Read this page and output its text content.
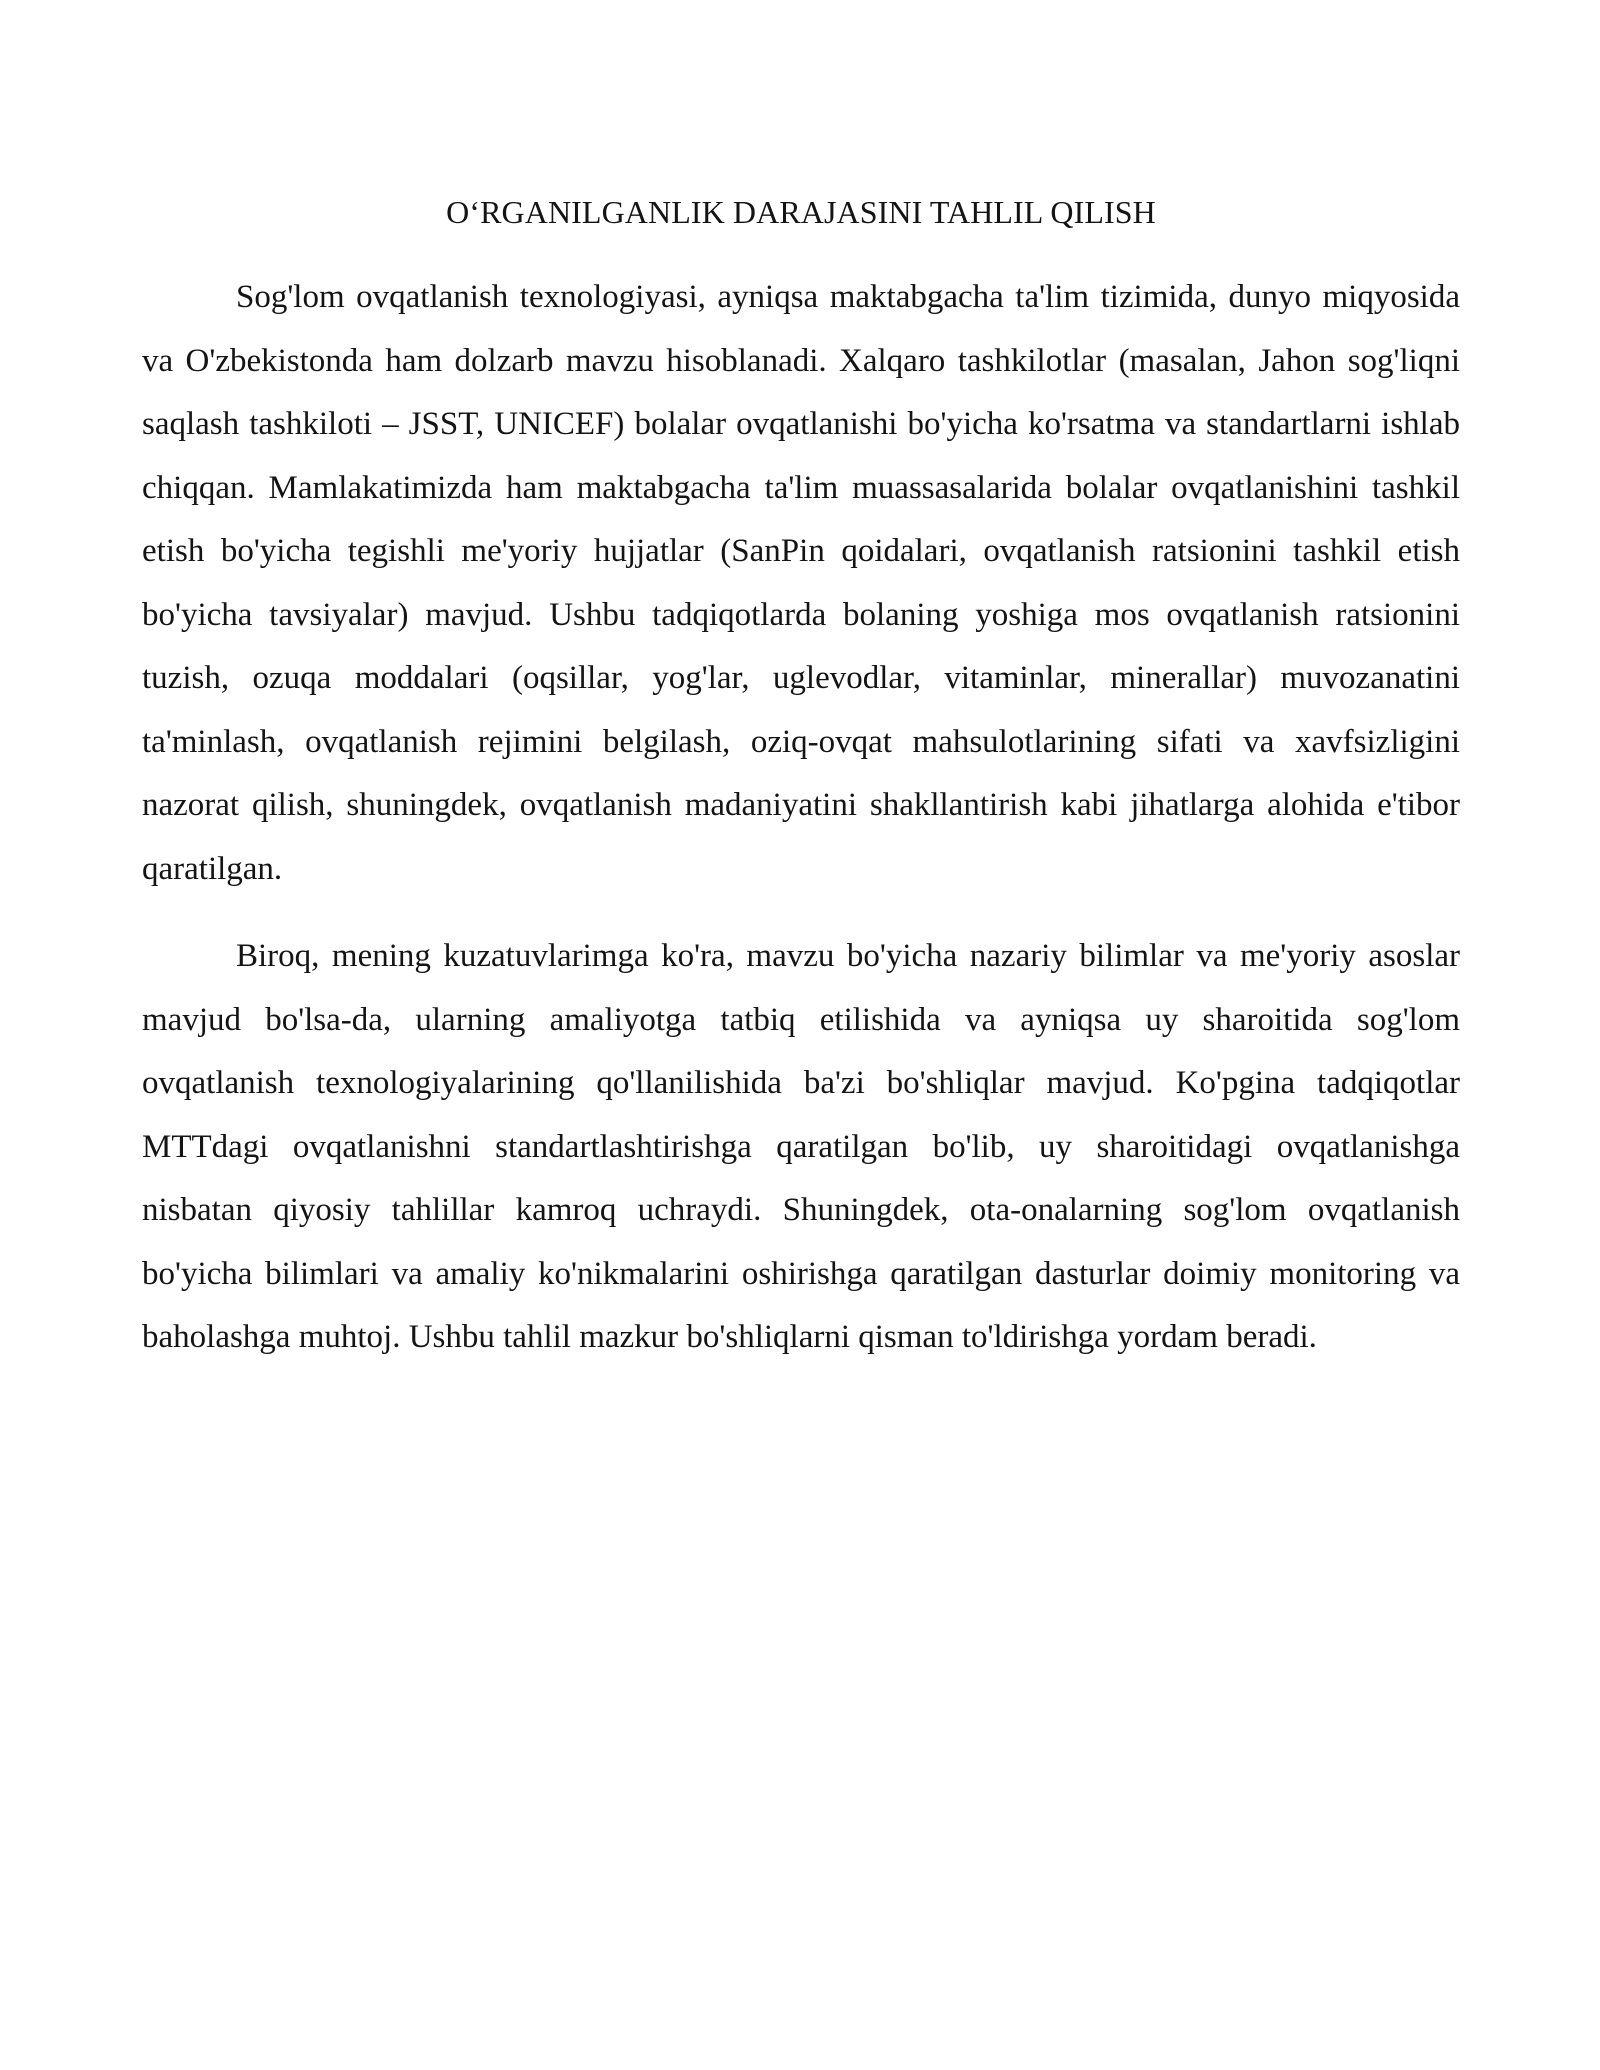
O‘RGANILGANLIK DARAJASINI TAHLIL QILISH

Sog'lom ovqatlanish texnologiyasi, ayniqsa maktabgacha ta'lim tizimida, dunyo miqyosida va O'zbekistonda ham dolzarb mavzu hisoblanadi. Xalqaro tashkilotlar (masalan, Jahon sog'liqni saqlash tashkiloti – JSST, UNICEF) bolalar ovqatlanishi bo'yicha ko'rsatma va standartlarni ishlab chiqqan. Mamlakatimizda ham maktabgacha ta'lim muassasalarida bolalar ovqatlanishini tashkil etish bo'yicha tegishli me'yoriy hujjatlar (SanPin qoidalari, ovqatlanish ratsionini tashkil etish bo'yicha tavsiyalar) mavjud. Ushbu tadqiqotlarda bolaning yoshiga mos ovqatlanish ratsionini tuzish, ozuqa moddalari (oqsillar, yog'lar, uglevodlar, vitaminlar, minerallar) muvozanatini ta'minlash, ovqatlanish rejimini belgilash, oziq-ovqat mahsulotlarining sifati va xavfsizligini nazorat qilish, shuningdek, ovqatlanish madaniyatini shakllantirish kabi jihatlarga alohida e'tibor qaratilgan.

Biroq, mening kuzatuvlarimga ko'ra, mavzu bo'yicha nazariy bilimlar va me'yoriy asoslar mavjud bo'lsa-da, ularning amaliyotga tatbiq etilishida va ayniqsa uy sharoitida sog'lom ovqatlanish texnologiyalarining qo'llanilishida ba'zi bo'shliqlar mavjud. Ko'pgina tadqiqotlar MTTdagi ovqatlanishni standartlashtirishga qaratilgan bo'lib, uy sharoitidagi ovqatlanishga nisbatan qiyosiy tahlillar kamroq uchraydi. Shuningdek, ota-onalarning sog'lom ovqatlanish bo'yicha bilimlari va amaliy ko'nikmalarini oshirishga qaratilgan dasturlar doimiy monitoring va baholashga muhtoj. Ushbu tahlil mazkur bo'shliqlarni qisman to'ldirishga yordam beradi.
